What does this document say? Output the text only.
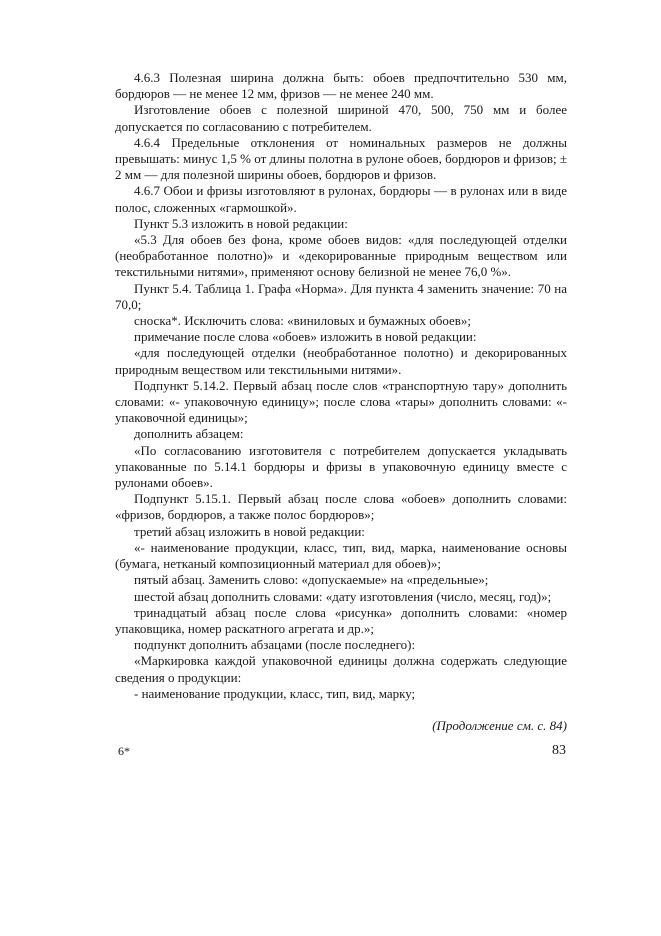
4.6.3 Полезная ширина должна быть: обоев предпочтительно 530 мм, бордюров — не менее 12 мм, фризов — не менее 240 мм.

Изготовление обоев с полезной шириной 470, 500, 750 мм и более допускается по согласованию с потребителем.

4.6.4 Предельные отклонения от номинальных размеров не должны превышать: минус 1,5 % от длины полотна в рулоне обоев, бордюров и фризов; ± 2 мм — для полезной ширины обоев, бордюров и фризов.

4.6.7 Обои и фризы изготовляют в рулонах, бордюры — в рулонах или в виде полос, сложенных «гармошкой».

Пункт 5.3 изложить в новой редакции:

«5.3 Для обоев без фона, кроме обоев видов: «для последующей отделки (необработанное полотно)» и «декорированные природным веществом или текстильными нитями», применяют основу белизной не менее 76,0 %».

Пункт 5.4. Таблица 1. Графа «Норма». Для пункта 4 заменить значение: 70 на 70,0;

сноска*. Исключить слова: «виниловых и бумажных обоев»;

примечание после слова «обоев» изложить в новой редакции:

«для последующей отделки (необработанное полотно) и декорированных природным веществом или текстильными нитями».

Подпункт 5.14.2. Первый абзац после слов «транспортную тару» дополнить словами: «- упаковочную единицу»; после слова «тары» дополнить словами: «- упаковочной единицы»;

дополнить абзацем:

«По согласованию изготовителя с потребителем допускается укладывать упакованные по 5.14.1 бордюры и фризы в упаковочную единицу вместе с рулонами обоев».

Подпункт 5.15.1. Первый абзац после слова «обоев» дополнить словами: «фризов, бордюров, а также полос бордюров»;

третий абзац изложить в новой редакции:

«- наименование продукции, класс, тип, вид, марка, наименование основы (бумага, нетканый композиционный материал для обоев)»;

пятый абзац. Заменить слово: «допускаемые» на «предельные»;

шестой абзац дополнить словами: «дату изготовления (число, месяц, год)»;

тринадцатый абзац после слова «рисунка» дополнить словами: «номер упаковщика, номер раскатного агрегата и др.»;

подпункт дополнить абзацами (после последнего):

«Маркировка каждой упаковочной единицы должна содержать следующие сведения о продукции:

- наименование продукции, класс, тип, вид, марку;

(Продолжение см. с. 84)

6*	83
